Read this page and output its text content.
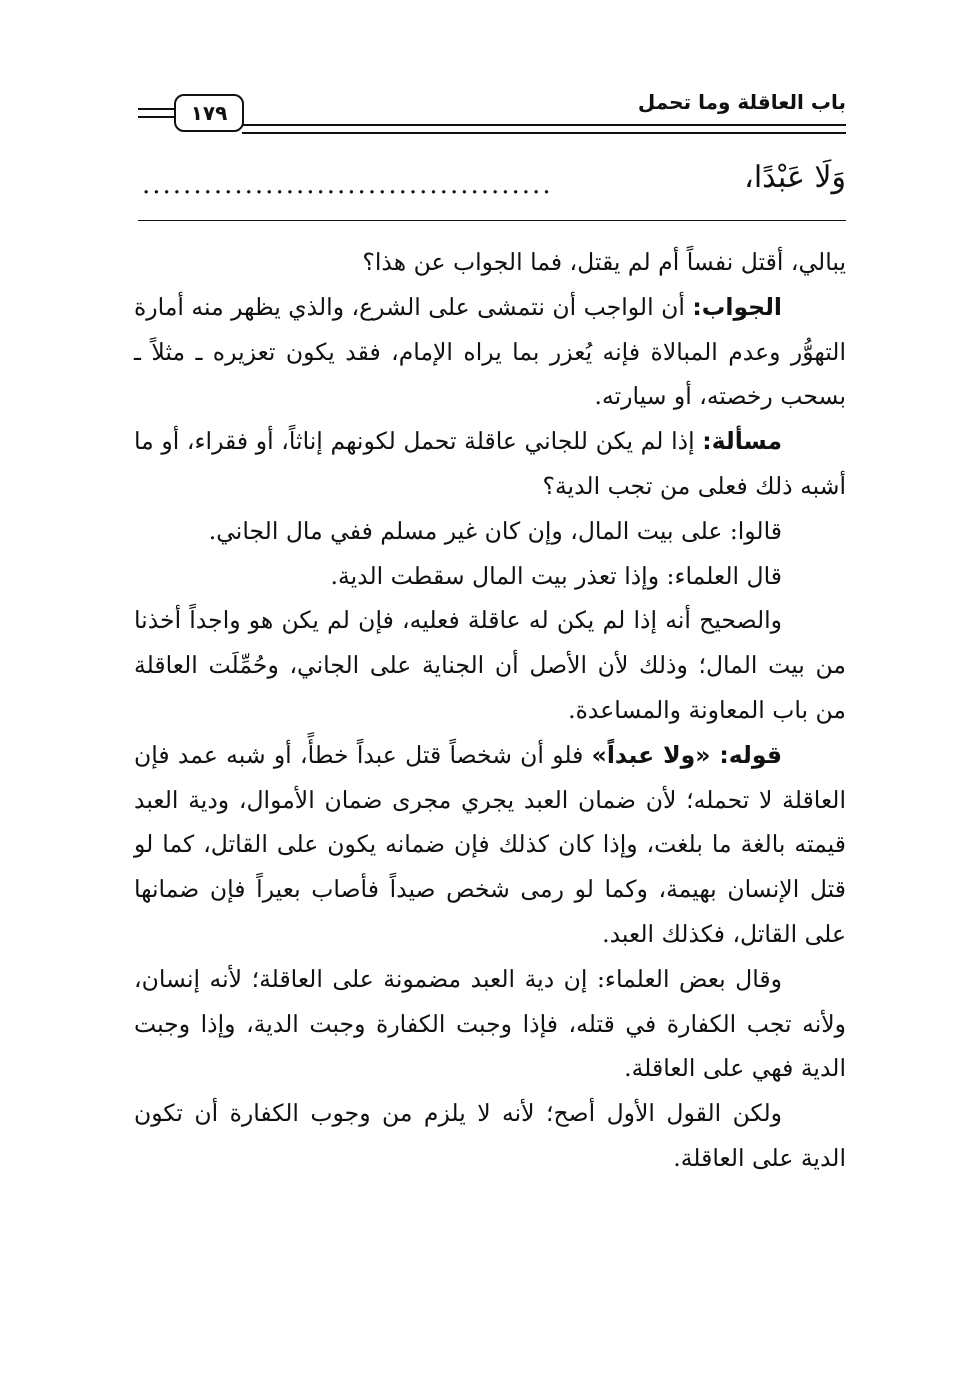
١٧٩	باب العاقلة وما تحمل
وَلَا عَبْدًا،
........................................

يبالي، أقتل نفساً أم لم يقتل، فما الجواب عن هذا؟

الجواب: أن الواجب أن نتمشى على الشرع، والذي يظهر منه أمارة التهوُّر وعدم المبالاة فإنه يُعزر بما يراه الإمام، فقد يكون تعزيره ـ مثلاً ـ بسحب رخصته، أو سيارته.

مسألة: إذا لم يكن للجاني عاقلة تحمل لكونهم إناثاً، أو فقراء، أو ما أشبه ذلك فعلى من تجب الدية؟

قالوا: على بيت المال، وإن كان غير مسلم ففي مال الجاني.

قال العلماء: وإذا تعذر بيت المال سقطت الدية.

والصحيح أنه إذا لم يكن له عاقلة فعليه، فإن لم يكن هو واجداً أخذنا من بيت المال؛ وذلك لأن الأصل أن الجناية على الجاني، وحُمِّلَت العاقلة من باب المعاونة والمساعدة.

قوله: «ولا عبداً» فلو أن شخصاً قتل عبداً خطأً، أو شبه عمد فإن العاقلة لا تحمله؛ لأن ضمان العبد يجري مجرى ضمان الأموال، ودية العبد قيمته بالغة ما بلغت، وإذا كان كذلك فإن ضمانه يكون على القاتل، كما لو قتل الإنسان بهيمة، وكما لو رمى شخص صيداً فأصاب بعيراً فإن ضمانها على القاتل، فكذلك العبد.

وقال بعض العلماء: إن دية العبد مضمونة على العاقلة؛ لأنه إنسان، ولأنه تجب الكفارة في قتله، فإذا وجبت الكفارة وجبت الدية، وإذا وجبت الدية فهي على العاقلة.

ولكن القول الأول أصح؛ لأنه لا يلزم من وجوب الكفارة أن تكون الدية على العاقلة.
